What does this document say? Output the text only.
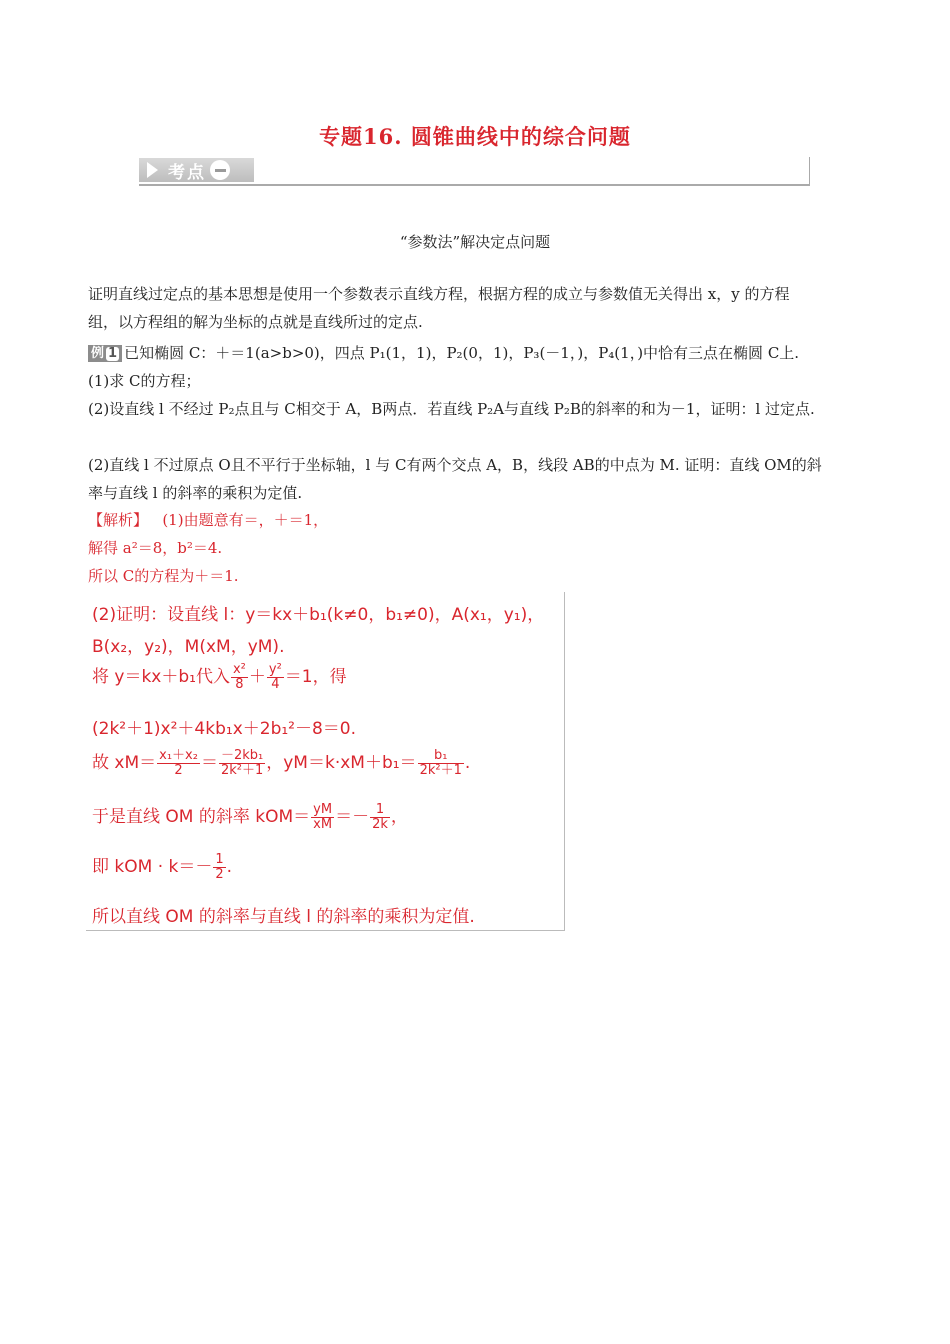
专题16. 圆锥曲线中的综合问题
考点
“参数法”解决定点问题
证明直线过定点的基本思想是使用一个参数表示直线方程，根据方程的成立与参数值无关得出 x，y 的方程
组，以方程组的解为坐标的点就是直线所过的定点.
例 1 已知椭圆 C：＋＝1(a>b>0)，四点 P₁(1，1)，P₂(0，1)，P₃(－1，)，P₄(1，)中恰有三点在椭圆 C上.
(1)求 C的方程；
(2)设直线 l 不经过 P₂点且与 C相交于 A，B两点．若直线 P₂A与直线 P₂B的斜率的和为－1，证明：l 过定点.
(2)直线 l 不过原点 O且不平行于坐标轴，l 与 C有两个交点 A，B，线段 AB的中点为 M. 证明：直线 OM的斜
率与直线 l 的斜率的乘积为定值.
【解析】 (1)由题意有＝，＋＝1，
解得 a²＝8，b²＝4.
所以 C的方程为＋＝1.
(2)证明：设直线 l：y＝kx＋b₁(k≠0，b₁≠0)，A(x₁，y₁)，
B(x₂，y₂)，M(xM，yM).
将 y＝kx＋b₁代入 $\frac{\text{x²}}{8} + \frac{\text{y²}}{4} =1$，得
(2k²＋1)x²＋4kb₁x＋2b₁²－8＝0.
故 $xM= \frac{\text{x₁＋x₂}}{2} = \frac{\text{－2kb₁}}{\text{2k²＋1}}$ ，$yM=k\cdot xM+b_1= \frac{\text{b₁}}{\text{2k²＋1}}$ .
于是直线 OM 的斜率 $kOM= \frac{yM}{xM} =- \frac{1}{2k}$ ，
即 kOM · $k=- \frac{1}{2}$ .
所以直线 OM 的斜率与直线 l 的斜率的乘积为定值.
